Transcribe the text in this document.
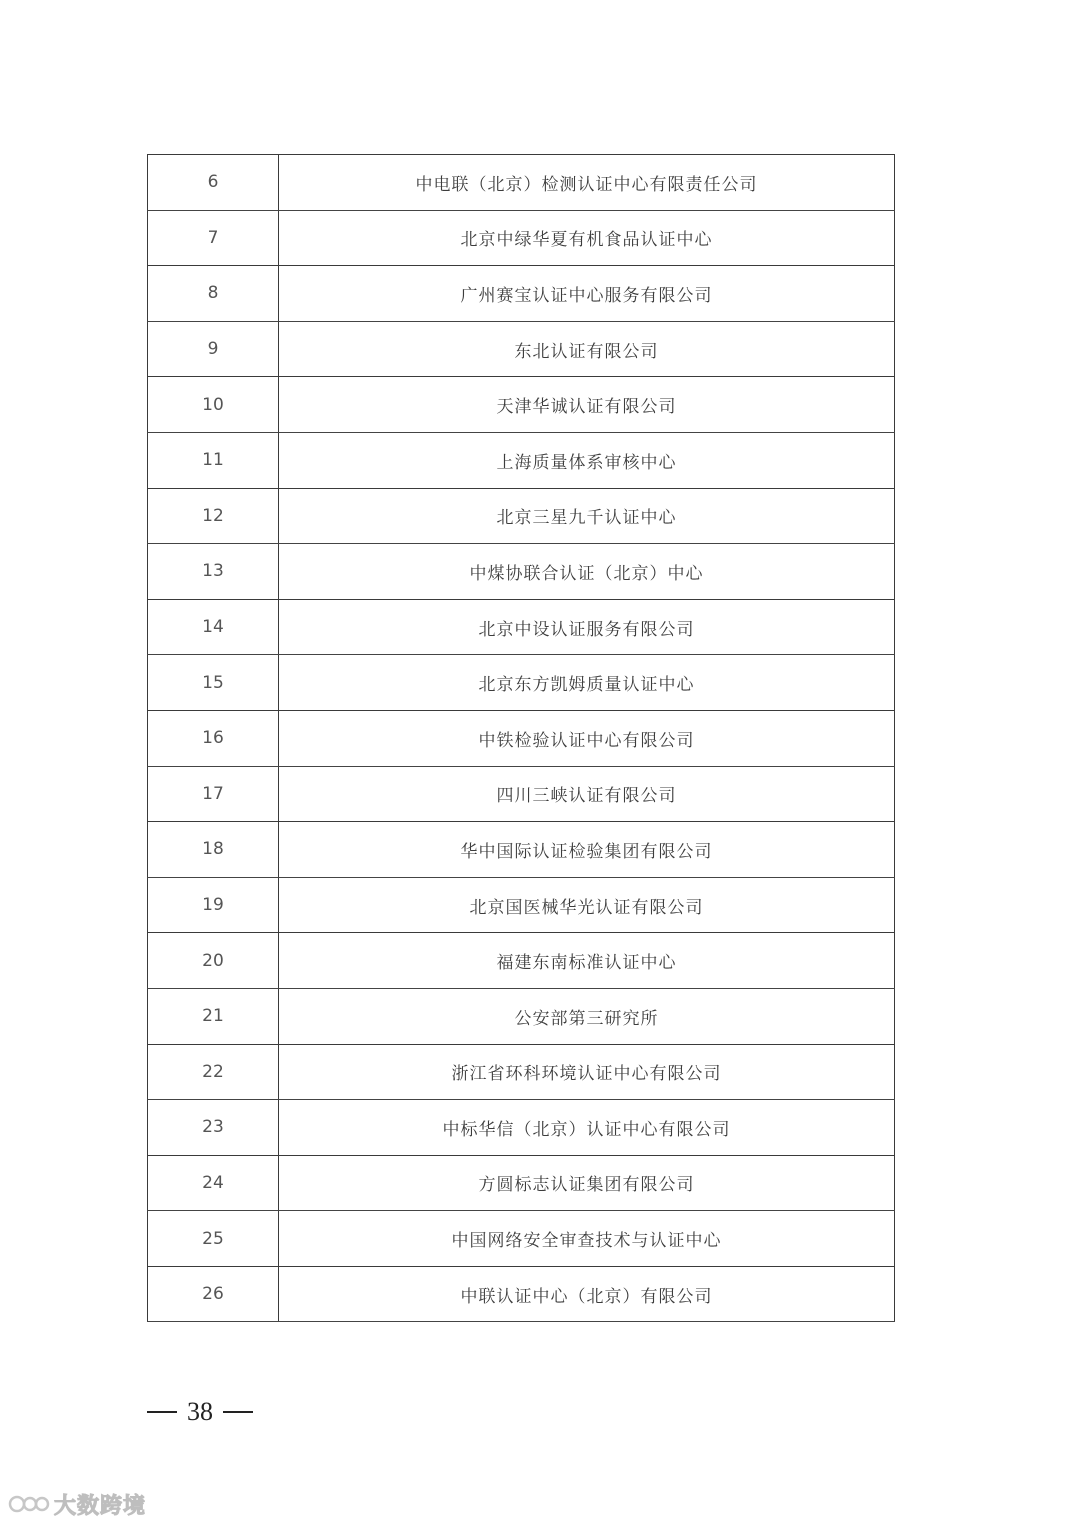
6	中电联（北京）检测认证中心有限责任公司
7	北京中绿华夏有机食品认证中心
8	广州赛宝认证中心服务有限公司
9	东北认证有限公司
10	天津华诚认证有限公司
11	上海质量体系审核中心
12	北京三星九千认证中心
13	中煤协联合认证（北京）中心
14	北京中设认证服务有限公司
15	北京东方凯姆质量认证中心
16	中铁检验认证中心有限公司
17	四川三峡认证有限公司
18	华中国际认证检验集团有限公司
19	北京国医械华光认证有限公司
20	福建东南标准认证中心
21	公安部第三研究所
22	浙江省环科环境认证中心有限公司
23	中标华信（北京）认证中心有限公司
24	方圆标志认证集团有限公司
25	中国网络安全审查技术与认证中心
26	中联认证中心（北京）有限公司
38
大数跨境
